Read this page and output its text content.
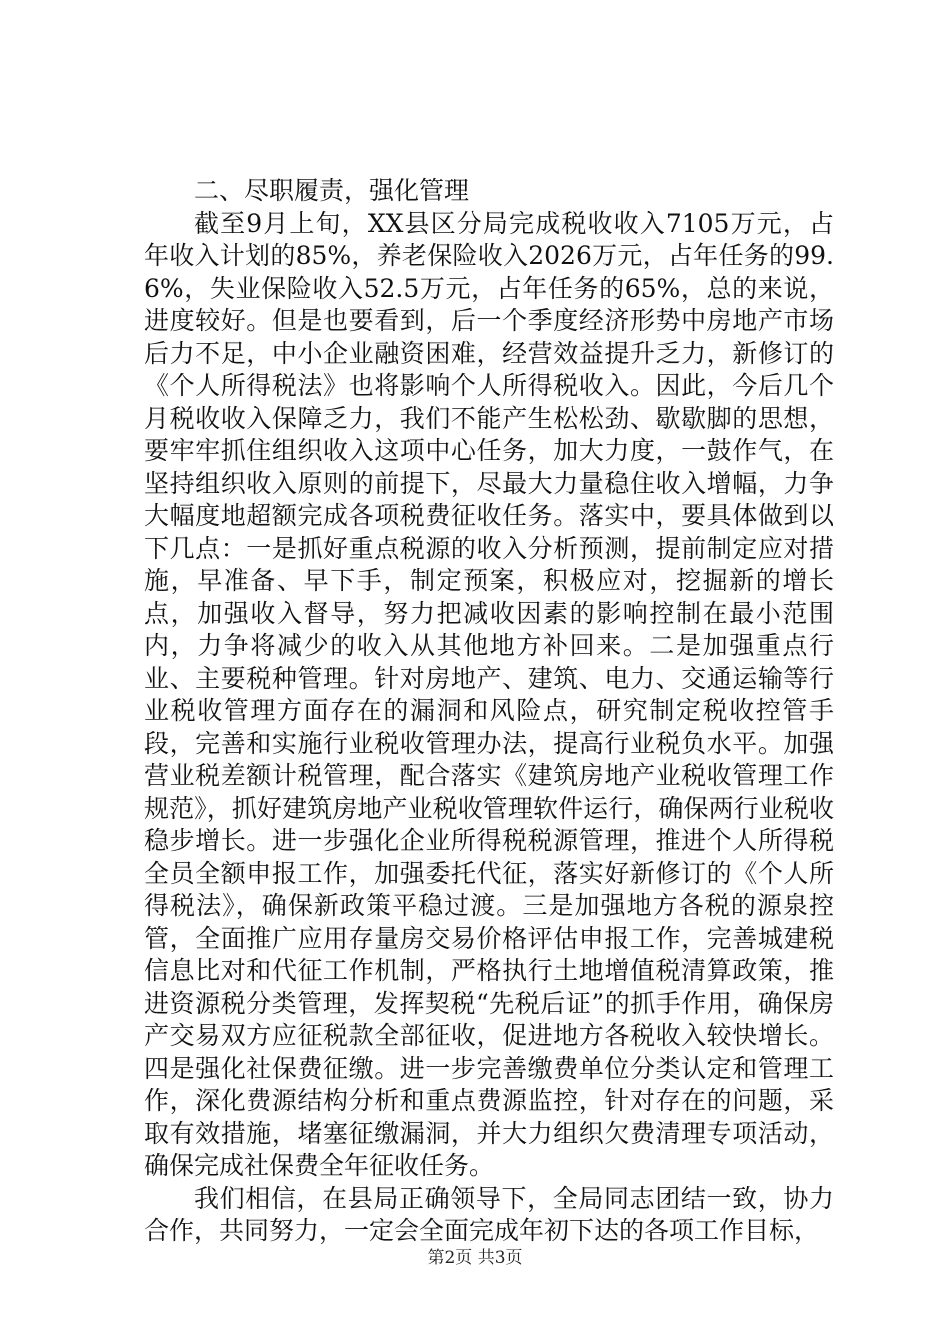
二、尽职履责，强化管理

截至9月上旬，XX县区分局完成税收收入7105万元，占年收入计划的85%，养老保险收入2026万元，占年任务的99.6%，失业保险收入52.5万元，占年任务的65%，总的来说，进度较好。但是也要看到，后一个季度经济形势中房地产市场后力不足，中小企业融资困难，经营效益提升乏力，新修订的《个人所得税法》也将影响个人所得税收入。因此，今后几个月税收收入保障乏力，我们不能产生松松劲、歇歇脚的思想，要牢牢抓住组织收入这项中心任务，加大力度，一鼓作气，在坚持组织收入原则的前提下，尽最大力量稳住收入增幅，力争大幅度地超额完成各项税费征收任务。落实中，要具体做到以下几点：一是抓好重点税源的收入分析预测，提前制定应对措施，早准备、早下手，制定预案，积极应对，挖掘新的增长点，加强收入督导，努力把减收因素的影响控制在最小范围内，力争将减少的收入从其他地方补回来。二是加强重点行业、主要税种管理。针对房地产、建筑、电力、交通运输等行业税收管理方面存在的漏洞和风险点，研究制定税收控管手段，完善和实施行业税收管理办法，提高行业税负水平。加强营业税差额计税管理，配合落实《建筑房地产业税收管理工作规范》，抓好建筑房地产业税收管理软件运行，确保两行业税收稳步增长。进一步强化企业所得税税源管理，推进个人所得税全员全额申报工作，加强委托代征，落实好新修订的《个人所得税法》，确保新政策平稳过渡。三是加强地方各税的源泉控管，全面推广应用存量房交易价格评估申报工作，完善城建税信息比对和代征工作机制，严格执行土地增值税清算政策，推进资源税分类管理，发挥契税“先税后证”的抓手作用，确保房产交易双方应征税款全部征收，促进地方各税收入较快增长。四是强化社保费征缴。进一步完善缴费单位分类认定和管理工作，深化费源结构分析和重点费源监控，针对存在的问题，采取有效措施，堵塞征缴漏洞，并大力组织欠费清理专项活动，确保完成社保费全年征收任务。

我们相信，在县局正确领导下，全局同志团结一致，协力合作，共同努力，一定会全面完成年初下达的各项工作目标，

第2页 共3页
